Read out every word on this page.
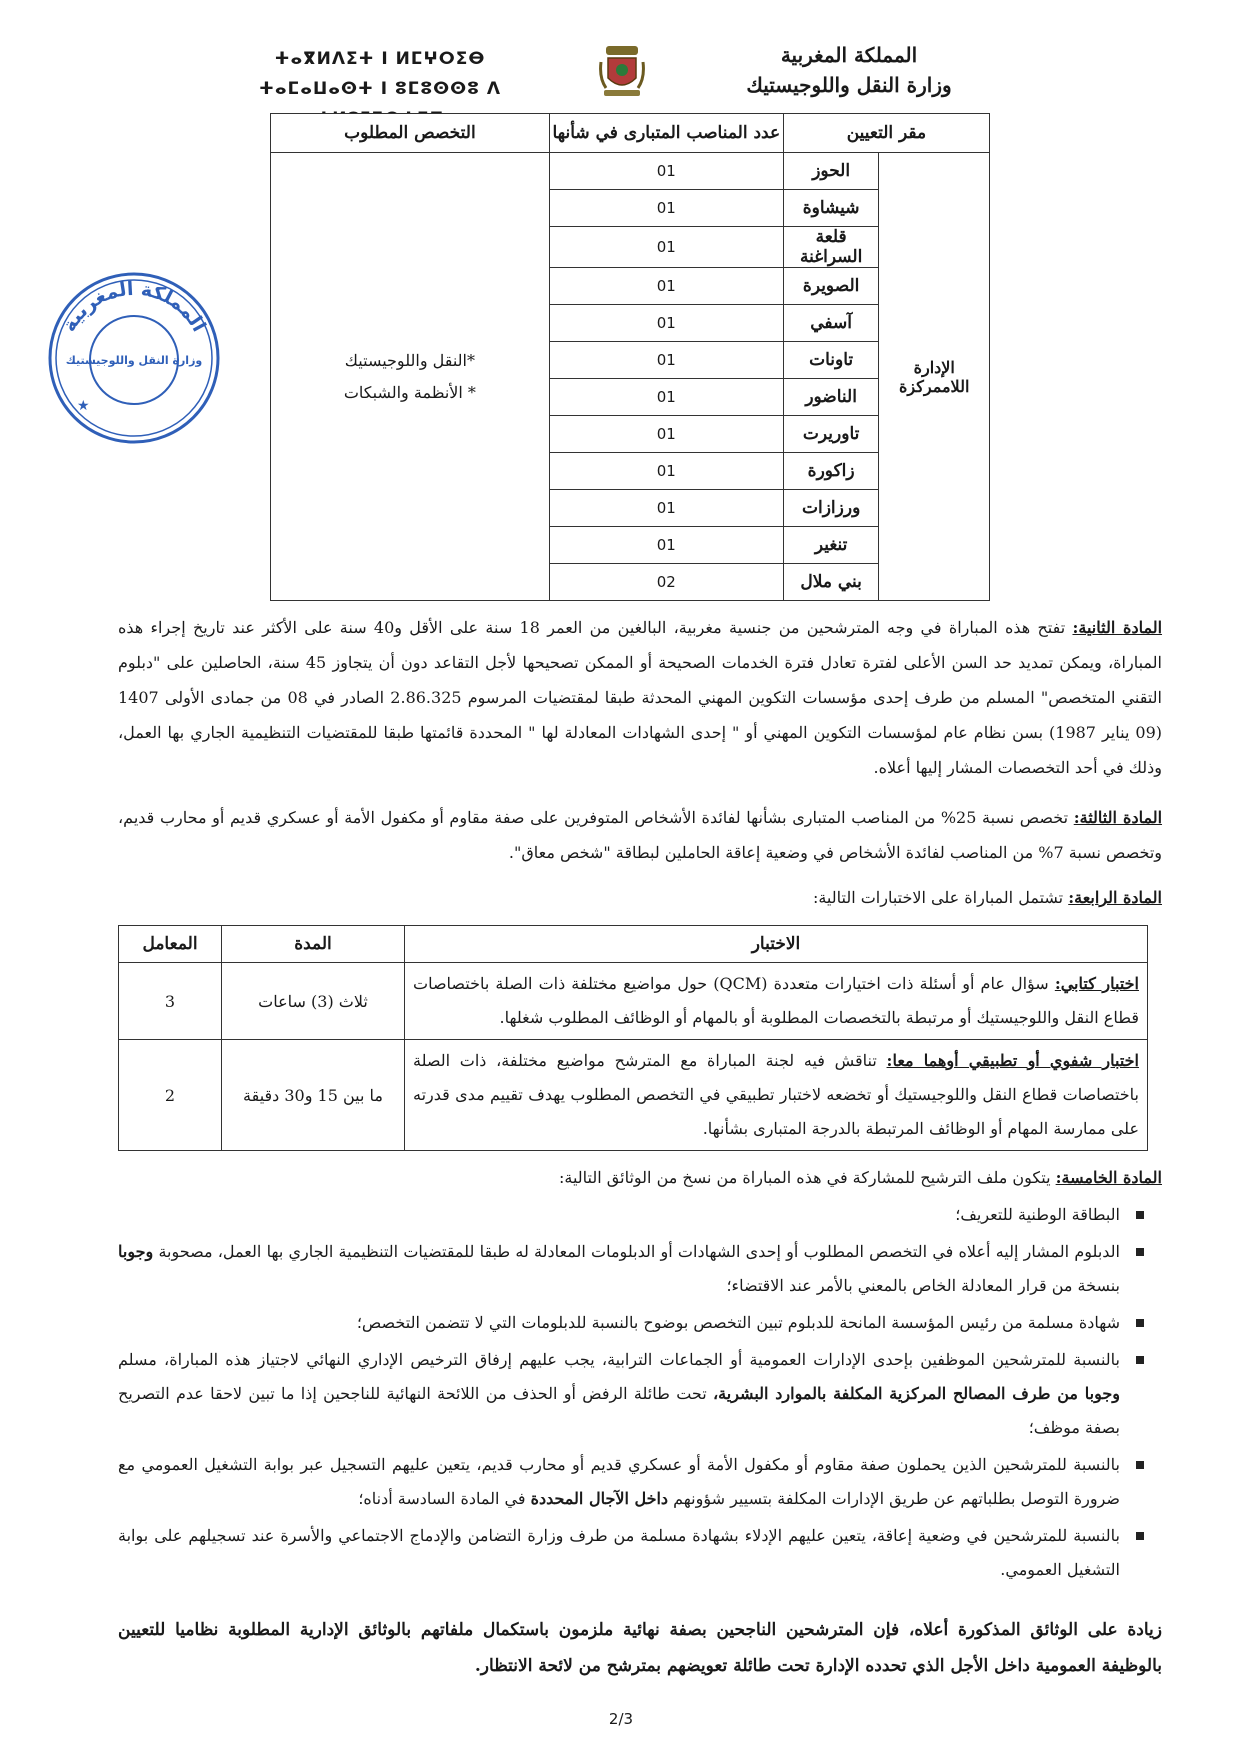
المملكة المغربية
وزارة النقل واللوجيستيك
ⵜⴰⴳⵍⴷⵉⵜ ⵏ ⵍⵎⵖⵔⵉⴱ
ⵜⴰⵎⴰⵡⴰⵙⵜ ⵏ ⵓⵎⵓⵙⵙⵓ ⴷ
المملكة المغربية
وزارة النقل واللوجيستيك
★
مقر التعيين		عدد المناصب المتبارى في شأنها	التخصص المطلوب
الإدارة اللاممركزة	الحوز	01	*النقل واللوجيستيك
* الأنظمة والشبكات

	شيشاوة	01	
	قلعة السراغنة	01	
	الصويرة	01	
	آسفي	01	
	تاونات	01	
	الناضور	01	
	تاوريرت	01	
	زاكورة	01	
	ورزازات	01	
	تنغير	01	
	بني ملال	02	
المادة الثانية: تفتح هذه المباراة في وجه المترشحين من جنسية مغربية، البالغين من العمر 18 سنة على الأقل و40 سنة على الأكثر عند تاريخ إجراء هذه المباراة، ويمكن تمديد حد السن الأعلى لفترة تعادل فترة الخدمات الصحيحة أو الممكن تصحيحها لأجل التقاعد دون أن يتجاوز 45 سنة، الحاصلين على "دبلوم التقني المتخصص" المسلم من طرف إحدى مؤسسات التكوين المهني المحدثة طبقا لمقتضيات المرسوم 2.86.325 الصادر في 08 من جمادى الأولى 1407 (09 يناير 1987) بسن نظام عام لمؤسسات التكوين المهني أو " إحدى الشهادات المعادلة لها " المحددة قائمتها طبقا للمقتضيات التنظيمية الجاري بها العمل، وذلك في أحد التخصصات المشار إليها أعلاه.
المادة الثالثة: تخصص نسبة 25% من المناصب المتبارى بشأنها لفائدة الأشخاص المتوفرين على صفة مقاوم أو مكفول الأمة أو عسكري قديم أو محارب قديم، وتخصص نسبة 7% من المناصب لفائدة الأشخاص في وضعية إعاقة الحاملين لبطاقة "شخص معاق".
المادة الرابعة: تشتمل المباراة على الاختبارات التالية:
الاختبار	المدة	المعامل
اختبار كتابي: سؤال عام أو أسئلة ذات اختيارات متعددة (QCM) حول مواضيع مختلفة ذات الصلة باختصاصات قطاع النقل واللوجيستيك أو مرتبطة بالتخصصات المطلوبة أو بالمهام أو الوظائف المطلوب شغلها.	ثلاث (3) ساعات	3
اختبار شفوي أو تطبيقي أوهما معا: تناقش فيه لجنة المباراة مع المترشح مواضيع مختلفة، ذات الصلة باختصاصات قطاع النقل واللوجيستيك أو تخضعه لاختبار تطبيقي في التخصص المطلوب يهدف تقييم مدى قدرته على ممارسة المهام أو الوظائف المرتبطة بالدرجة المتبارى بشأنها.	ما بين 15 و30 دقيقة	2
المادة الخامسة: يتكون ملف الترشيح للمشاركة في هذه المباراة من نسخ من الوثائق التالية:
البطاقة الوطنية للتعريف؛
الدبلوم المشار إليه أعلاه في التخصص المطلوب أو إحدى الشهادات أو الدبلومات المعادلة له طبقا للمقتضيات التنظيمية الجاري بها العمل، مصحوبة وجوبا بنسخة من قرار المعادلة الخاص بالمعني بالأمر عند الاقتضاء؛
شهادة مسلمة من رئيس المؤسسة المانحة للدبلوم تبين التخصص بوضوح بالنسبة للدبلومات التي لا تتضمن التخصص؛
بالنسبة للمترشحين الموظفين بإحدى الإدارات العمومية أو الجماعات الترابية، يجب عليهم إرفاق الترخيص الإداري النهائي لاجتياز هذه المباراة، مسلم وجوبا من طرف المصالح المركزية المكلفة بالموارد البشرية، تحت طائلة الرفض أو الحذف من اللائحة النهائية للناجحين إذا ما تبين لاحقا عدم التصريح بصفة موظف؛
بالنسبة للمترشحين الذين يحملون صفة مقاوم أو مكفول الأمة أو عسكري قديم أو محارب قديم، يتعين عليهم التسجيل عبر بوابة التشغيل العمومي مع ضرورة التوصل بطلباتهم عن طريق الإدارات المكلفة بتسيير شؤونهم داخل الآجال المحددة في المادة السادسة أدناه؛
بالنسبة للمترشحين في وضعية إعاقة، يتعين عليهم الإدلاء بشهادة مسلمة من طرف وزارة التضامن والإدماج الاجتماعي والأسرة عند تسجيلهم على بوابة التشغيل العمومي.
زيادة على الوثائق المذكورة أعلاه، فإن المترشحين الناجحين بصفة نهائية ملزمون باستكمال ملفاتهم بالوثائق الإدارية المطلوبة نظاميا للتعيين بالوظيفة العمومية داخل الأجل الذي تحدده الإدارة تحت طائلة تعويضهم بمترشح من لائحة الانتظار.
2/3
